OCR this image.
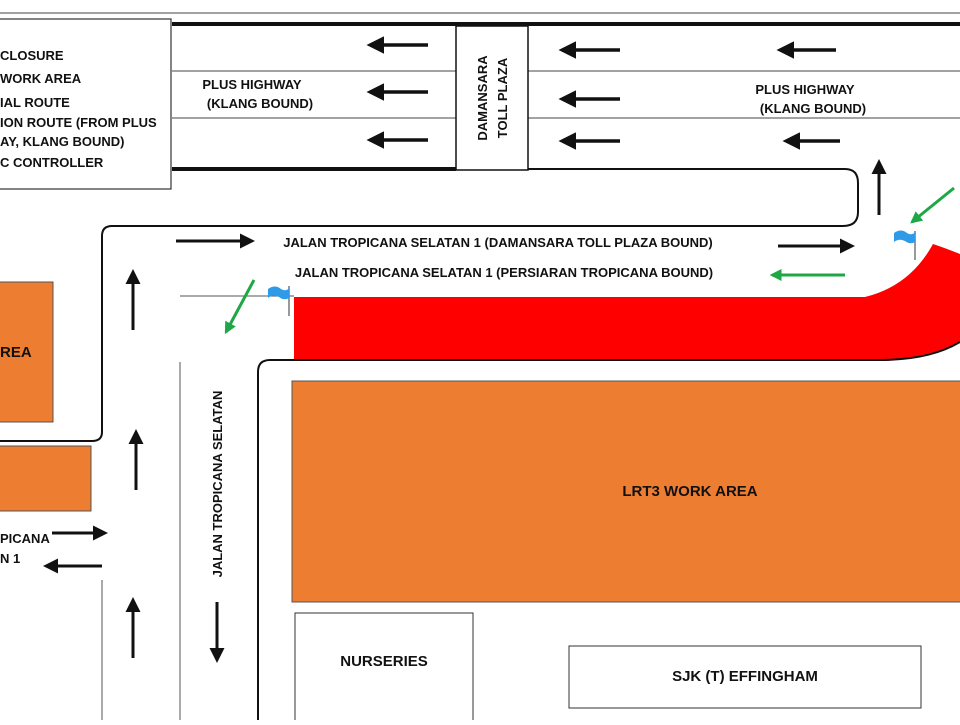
DAMANSARA TOLL PLAZA
PLUS HIGHWAY
(KLANG BOUND)
PLUS HIGHWAY
(KLANG BOUND)
CLOSURE
WORK AREA
IAL ROUTE
ION ROUTE (FROM PLUS
AY, KLANG BOUND)
C CONTROLLER
JALAN TROPICANA SELATAN 1 (DAMANSARA TOLL PLAZA BOUND)
JALAN TROPICANA SELATAN 1 (PERSIARAN TROPICANA BOUND)
JALAN TROPICANA SELATAN
REA
LRT3 WORK AREA
PICANA
N 1
NURSERIES
SJK (T) EFFINGHAM
